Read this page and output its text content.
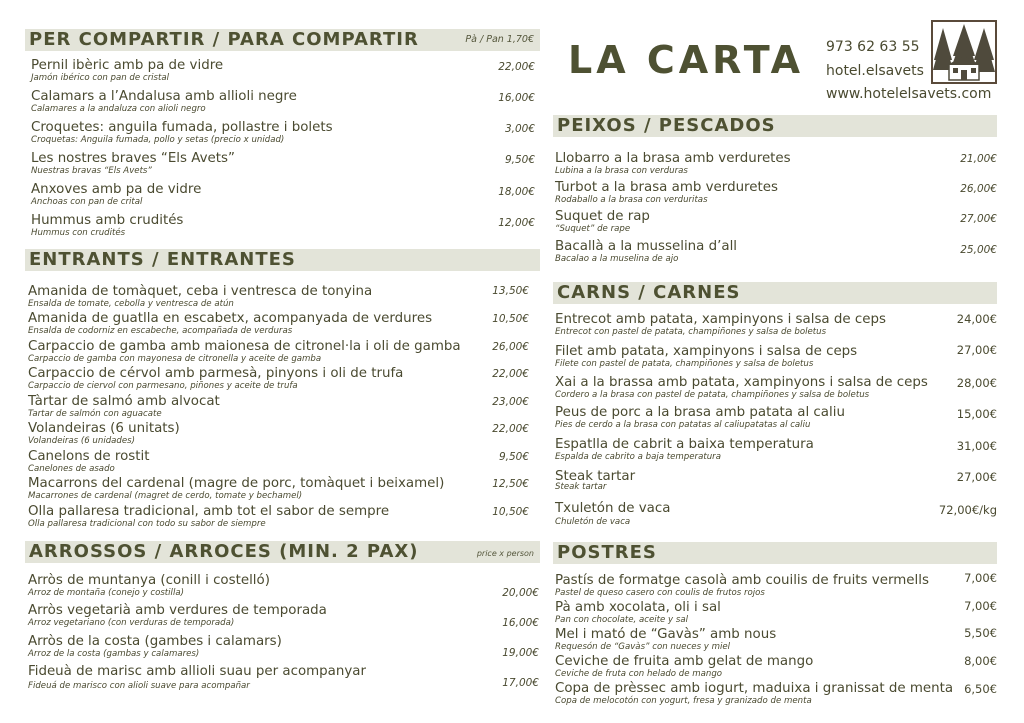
PER COMPARTIR / PARA COMPARTIR	Pà / Pan 1,70€
Pernil ibèric amb pa de vidre
Jamón ibérico con pan de cristal
22,00€
Calamars a l’Andalusa amb allioli negre
Calamares a la andaluza con alioli negro
16,00€
Croquetes: anguila fumada, pollastre i bolets
Croquetas: Anguila fumada, pollo y setas (precio x unidad)
3,00€
Les nostres braves “Els Avets”
Nuestras bravas “Els Avets”
9,50€
Anxoves amb pa de vidre
Anchoas con pan de crital
18,00€
Hummus amb crudités
Hummus con crudités
12,00€
ENTRANTS / ENTRANTES
Amanida de tomàquet, ceba i ventresca de tonyina
Ensalda de tomate, cebolla y ventresca de atún
13,50€
Amanida de guatlla en escabetx, acompanyada de verdures
Ensalda de codorniz en escabeche, acompañada de verduras
10,50€
Carpaccio de gamba amb maionesa de citronel·la i oli de gamba
Carpaccio de gamba con mayonesa de citronella y aceite de gamba
26,00€
Carpaccio de cérvol amb parmesà, pinyons i oli de trufa
Carpaccio de ciervol con parmesano, piñones y aceite de trufa
22,00€
Tàrtar de salmó amb alvocat
Tartar de salmón con aguacate
23,00€
Volandeiras (6 unitats)
Volandeiras (6 unidades)
22,00€
Canelons de rostit
Canelones de asado
9,50€
Macarrons del cardenal (magre de porc, tomàquet i beixamel)
Macarrones de cardenal (magret de cerdo, tomate y bechamel)
12,50€
Olla pallaresa tradicional, amb tot el sabor de sempre
Olla pallaresa tradicional con todo su sabor de siempre
10,50€
ARROSSOS / ARROCES (MIN. 2 PAX)	price x person
Arròs de muntanya (conill i costelló)
Arroz de montaña (conejo y costilla)	20,00€
Arròs vegetarià amb verdures de temporada
Arroz vegetariano (con verduras de temporada)	16,00€
Arròs de la costa (gambes i calamars)
Arroz de la costa (gambas y calamares)	19,00€
Fideuà de marisc amb allioli suau per acompanyar
Fideuá de marisco con alioli suave para acompañar	17,00€
LA CARTA 973 62 63 55
hotel.elsavets
www.hotelelsavets.com
PEIXOS / PESCADOS
Llobarro a la brasa amb verduretes
Lubina a la brasa con verduras
21,00€
Turbot a la brasa amb verduretes
Rodaballo a la brasa con verduritas
26,00€
Suquet de rap
“Suquet” de rape
27,00€
Bacallà a la musselina d’all
Bacalao a la muselina de ajo
25,00€
CARNS / CARNES
Entrecot amb patata, xampinyons i salsa de ceps
Entrecot con pastel de patata, champiñones y salsa de boletus
24,00€
Filet amb patata, xampinyons i salsa de ceps
Filete con pastel de patata, champiñones y salsa de boletus
27,00€
Xai a la brassa amb patata, xampinyons i salsa de ceps
Cordero a la brasa con pastel de patata, champiñones y salsa de boletus
28,00€
Peus de porc a la brasa amb patata al caliu
Pies de cerdo a la brasa con patatas al caliupatatas al caliu
15,00€
Espatlla de cabrit a baixa temperatura
Espalda de cabrito a baja temperatura
31,00€
Steak tartar
Steak tartar
27,00€
Txuletón de vaca
Chuletón de vaca
72,00€/kg
POSTRES
Pastís de formatge casolà amb couilis de fruits vermells
Pastel de queso casero con coulis de frutos rojos
7,00€
Pà amb xocolata, oli i sal
Pan con chocolate, aceite y sal
7,00€
Mel i mató de “Gavàs” amb nous
Requesón de “Gavàs” con nueces y miel
5,50€
Ceviche de fruita amb gelat de mango
Ceviche de fruta con helado de mango
8,00€
Copa de prèssec amb iogurt, maduixa i granissat de menta
Copa de melocotón con yogurt, fresa y granizado de menta
6,50€
